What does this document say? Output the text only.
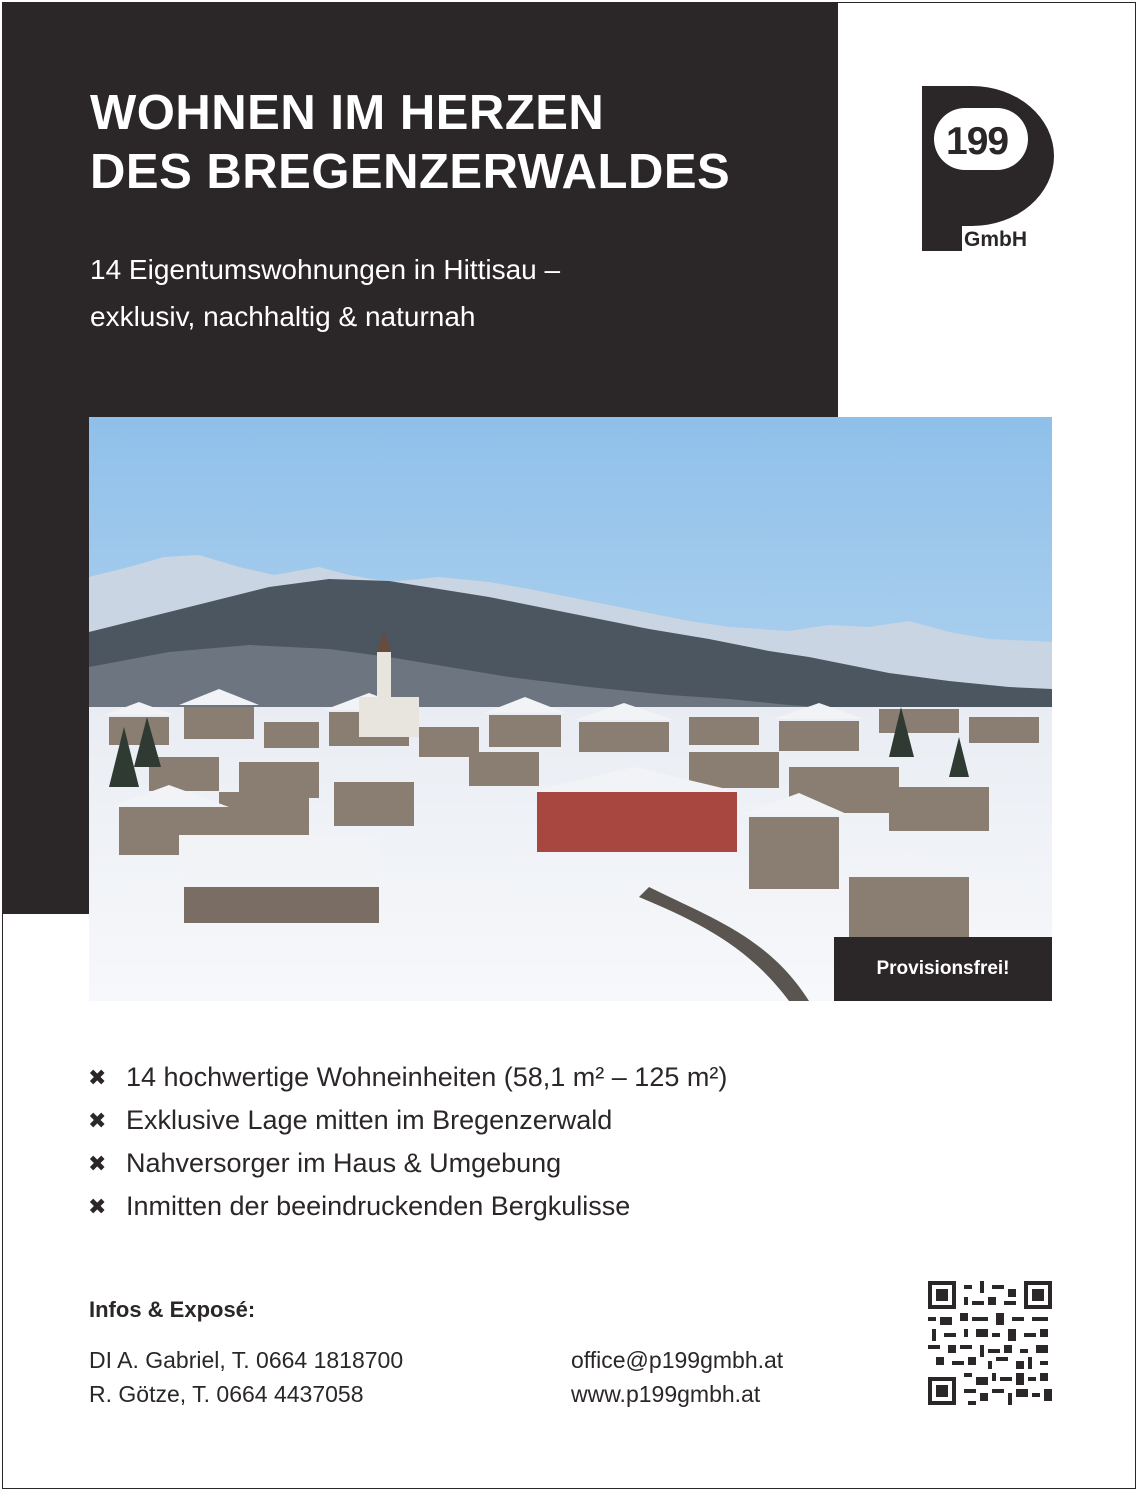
WOHNEN IM HERZEN
DES BREGENZERWALDES
14 Eigentumswohnungen in Hittisau –
exklusiv, nachhaltig & naturnah
199
GmbH
Provisionsfrei!
✖ 14 hochwertige Wohneinheiten (58,1 m² – 125 m²)
✖ Exklusive Lage mitten im Bregenzerwald
✖ Nahversorger im Haus & Umgebung
✖ Inmitten der beeindruckenden Bergkulisse
Infos & Exposé:
DI A. Gabriel, T. 0664 1818700
R. Götze, T. 0664 4437058
office@p199gmbh.at
www.p199gmbh.at
